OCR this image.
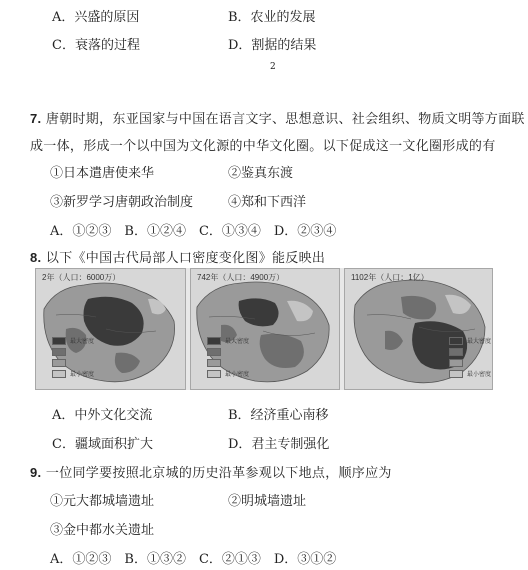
A．兴盛的原因	B．农业的发展
C．衰落的过程	D．割据的结果
2
7. 唐朝时期，东亚国家与中国在语言文字、思想意识、社会组织、物质文明等方面联
成一体，形成一个以中国为文化源的中华文化圈。以下促成这一文化圈形成的有
①日本遣唐使来华	②鉴真东渡
③新罗学习唐朝政治制度	④郑和下西洋
A．①②③　B．①②④　C．①③④　D．②③④
8. 以下《中国古代局部人口密度变化图》能反映出
2年（人口：6000万）
最大密度
最小密度
742年（人口：4900万）
最大密度
最小密度
1102年（人口：1亿）
最大密度
最小密度
A．中外文化交流	B．经济重心南移
C．疆域面积扩大	D．君主专制强化
9. 一位同学要按照北京城的历史沿革参观以下地点，顺序应为
①元大都城墙遗址	②明城墙遗址
③金中都水关遗址
A．①②③　B．①③②　C．②①③　D．③①②
